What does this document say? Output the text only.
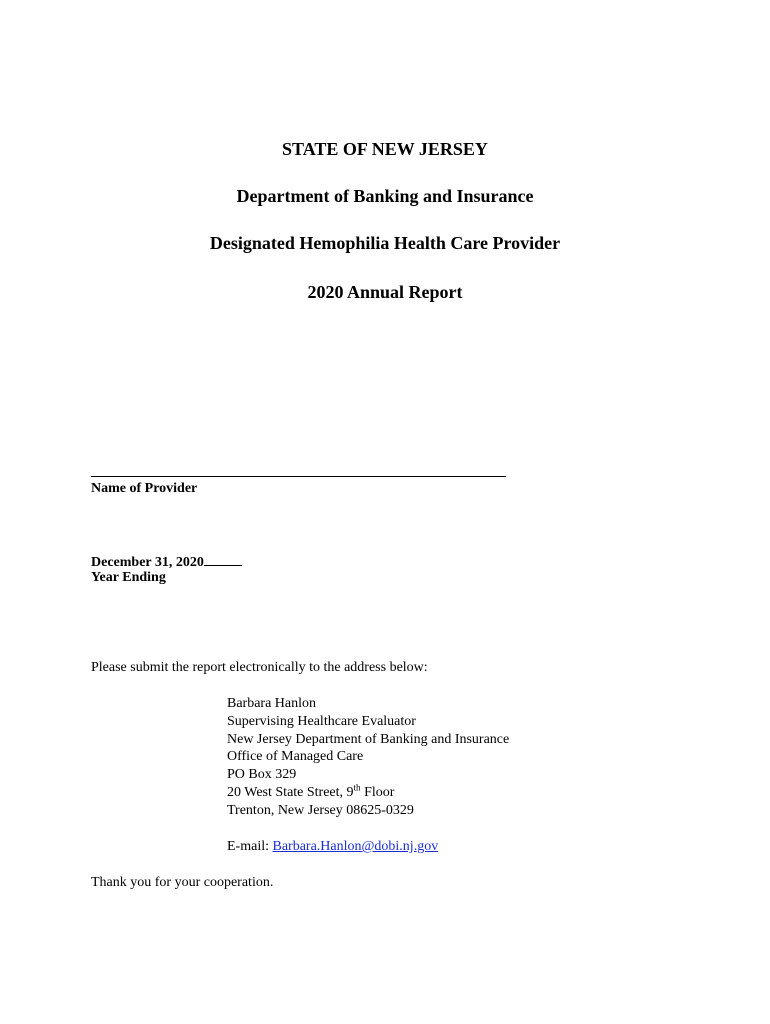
STATE OF NEW JERSEY
Department of Banking and Insurance
Designated Hemophilia Health Care Provider
2020 Annual Report
Name of Provider
December 31, 2020
Year Ending
Please submit the report electronically to the address below:
Barbara Hanlon
Supervising Healthcare Evaluator
New Jersey Department of Banking and Insurance
Office of Managed Care
PO Box 329
20 West State Street, 9th Floor
Trenton, New Jersey 08625-0329
E-mail: Barbara.Hanlon@dobi.nj.gov
Thank you for your cooperation.
